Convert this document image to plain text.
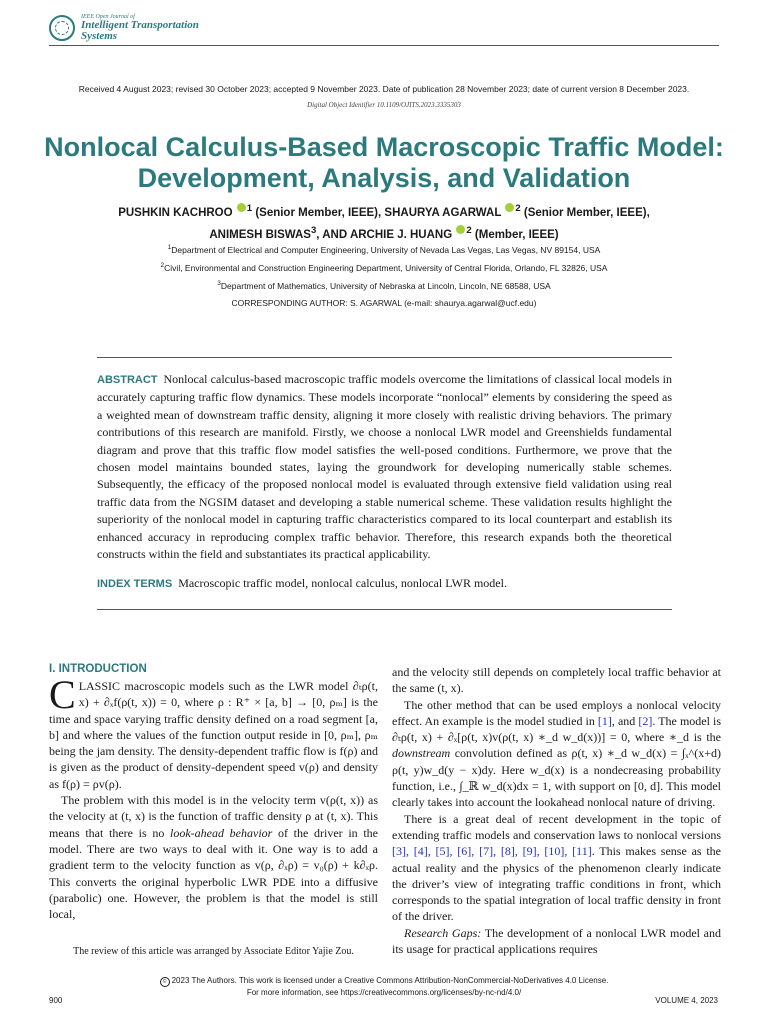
IEEE Open Journal of
Intelligent Transportation Systems
Received 4 August 2023; revised 30 October 2023; accepted 9 November 2023. Date of publication 28 November 2023; date of current version 8 December 2023.
Digital Object Identifier 10.1109/OJITS.2023.3335303
Nonlocal Calculus-Based Macroscopic Traffic Model:
Development, Analysis, and Validation
PUSHKIN KACHROO $^1$ (Senior Member, IEEE), SHAURYA AGARWAL $^2$ (Senior Member, IEEE),
ANIMESH BISWAS$^3$, AND ARCHIE J. HUANG $^2$ (Member, IEEE)
$^1$Department of Electrical and Computer Engineering, University of Nevada Las Vegas, Las Vegas, NV 89154, USA
$^2$Civil, Environmental and Construction Engineering Department, University of Central Florida, Orlando, FL 32826, USA
$^3$Department of Mathematics, University of Nebraska at Lincoln, Lincoln, NE 68588, USA
CORRESPONDING AUTHOR: S. AGARWAL (e-mail: shaurya.agarwal@ucf.edu)
ABSTRACT Nonlocal calculus-based macroscopic traffic models overcome the limitations of classical local models in accurately capturing traffic flow dynamics. These models incorporate “nonlocal” elements by considering the speed as a weighted mean of downstream traffic density, aligning it more closely with realistic driving behaviors. The primary contributions of this research are manifold. Firstly, we choose a nonlocal LWR model and Greenshields fundamental diagram and prove that this traffic flow model satisfies the well-posed conditions. Furthermore, we prove that the chosen model maintains bounded states, laying the groundwork for developing numerically stable schemes. Subsequently, the efficacy of the proposed nonlocal model is evaluated through extensive field validation using real traffic data from the NGSIM dataset and developing a stable numerical scheme. These validation results highlight the superiority of the nonlocal model in capturing traffic characteristics compared to its local counterpart and establish its enhanced accuracy in reproducing complex traffic behavior. Therefore, this research expands both the theoretical constructs within the field and substantiates its practical applicability.
INDEX TERMS Macroscopic traffic model, nonlocal calculus, nonlocal LWR model.
I. INTRODUCTION

CLASSIC macroscopic models such as the LWR model ∂ₜρ(t, x) + ∂ₓf(ρ(t, x)) = 0, where ρ : R⁺ × [a, b] → [0, ρₘ] is the time and space varying traffic density defined on a road segment [a, b] and where the values of the function output reside in [0, ρₘ], ρₘ being the jam density. The density-dependent traffic flow is f(ρ) and is given as the product of density-dependent speed v(ρ) and density as f(ρ) = ρv(ρ).

The problem with this model is in the velocity term v(ρ(t, x)) as the velocity at (t, x) is the function of traffic density ρ at (t, x). This means that there is no look-ahead behavior of the driver in the model. There are two ways to deal with it. One way is to add a gradient term to the velocity function as v(ρ, ∂ₓρ) = v₀(ρ) + k∂ₓρ. This converts the original hyperbolic LWR PDE into a diffusive (parabolic) one. However, the problem is that the model is still local,

The review of this article was arranged by Associate Editor Yajie Zou.

and the velocity still depends on completely local traffic behavior at the same (t, x).

The other method that can be used employs a nonlocal velocity effect. An example is the model studied in [1], and [2]. The model is ∂ₜρ(t, x) + ∂ₓ[ρ(t, x)v(ρ(t, x) ∗_d w_d(x))] = 0, where ∗_d is the downstream convolution defined as ρ(t, x) ∗_d w_d(x) = ∫ₓ^(x+d) ρ(t, y)w_d(y − x)dy. Here w_d(x) is a nondecreasing probability function, i.e., ∫_ℝ w_d(x)dx = 1, with support on [0, d]. This model clearly takes into account the lookahead nonlocal nature of driving.

There is a great deal of recent development in the topic of extending traffic models and conservation laws to nonlocal versions [3], [4], [5], [6], [7], [8], [9], [10], [11]. This makes sense as the actual reality and the physics of the phenomenon clearly indicate the driver’s view of integrating traffic conditions in front, which corresponds to the spatial integration of local traffic density in front of the driver.

Research Gaps: The development of a nonlocal LWR model and its usage for practical applications requires

© 2023 The Authors. This work is licensed under a Creative Commons Attribution-NonCommercial-NoDerivatives 4.0 License.
For more information, see https://creativecommons.org/licenses/by-nc-nd/4.0/
900	VOLUME 4, 2023
